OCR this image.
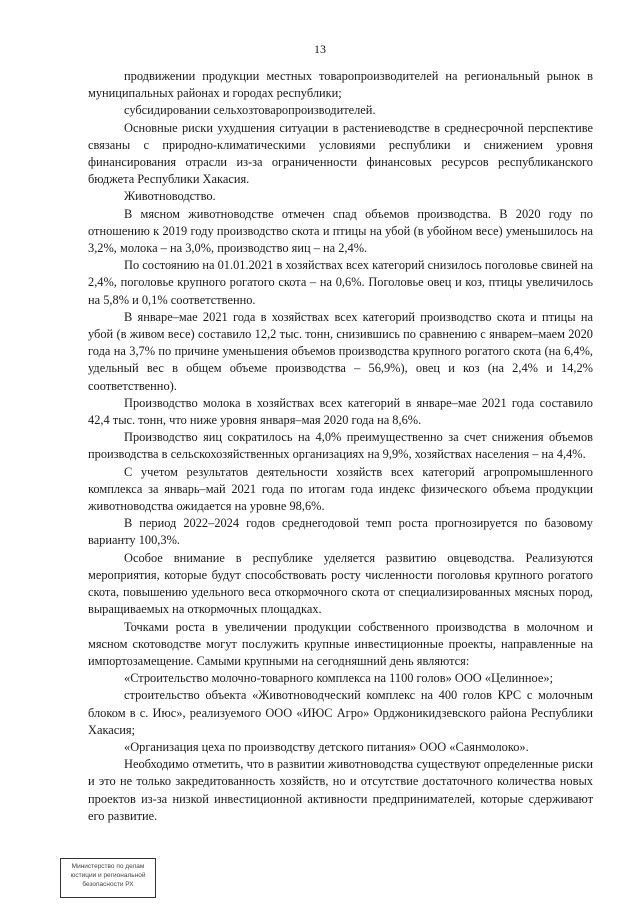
13

продвижении продукции местных товаропроизводителей на региональный рынок в муниципальных районах и городах республики;

субсидировании сельхозтоваропроизводителей.

Основные риски ухудшения ситуации в растениеводстве в среднесрочной перспективе связаны с природно-климатическими условиями республики и снижением уровня финансирования отрасли из-за ограниченности финансовых ресурсов республиканского бюджета Республики Хакасия.

Животноводство.

В мясном животноводстве отмечен спад объемов производства. В 2020 году по отношению к 2019 году производство скота и птицы на убой (в убойном весе) уменьшилось на 3,2%, молока – на 3,0%, производство яиц – на 2,4%.

По состоянию на 01.01.2021 в хозяйствах всех категорий снизилось поголовье свиней на 2,4%, поголовье крупного рогатого скота – на 0,6%. Поголовье овец и коз, птицы увеличилось на 5,8% и 0,1% соответственно.

В январе–мае 2021 года в хозяйствах всех категорий производство скота и птицы на убой (в живом весе) составило 12,2 тыс. тонн, снизившись по сравнению с январем–маем 2020 года на 3,7% по причине уменьшения объемов производства крупного рогатого скота (на 6,4%, удельный вес в общем объеме производства – 56,9%), овец и коз (на 2,4% и 14,2% соответственно).

Производство молока в хозяйствах всех категорий в январе–мае 2021 года составило 42,4 тыс. тонн, что ниже уровня января–мая 2020 года на 8,6%.

Производство яиц сократилось на 4,0% преимущественно за счет снижения объемов производства в сельскохозяйственных организациях на 9,9%, хозяйствах населения – на 4,4%.

С учетом результатов деятельности хозяйств всех категорий агропромышленного комплекса за январь–май 2021 года по итогам года индекс физического объема продукции животноводства ожидается на уровне 98,6%.

В период 2022–2024 годов среднегодовой темп роста прогнозируется по базовому варианту 100,3%.

Особое внимание в республике уделяется развитию овцеводства. Реализуются мероприятия, которые будут способствовать росту численности поголовья крупного рогатого скота, повышению удельного веса откормочного скота от специализированных мясных пород, выращиваемых на откормочных площадках.

Точками роста в увеличении продукции собственного производства в молочном и мясном скотоводстве могут послужить крупные инвестиционные проекты, направленные на импортозамещение. Самыми крупными на сегодняшний день являются:

«Строительство молочно-товарного комплекса на 1100 голов» ООО «Целинное»;

строительство объекта «Животноводческий комплекс на 400 голов КРС с молочным блоком в с. Июс», реализуемого ООО «ИЮС Агро» Орджоникидзевского района Республики Хакасия;

«Организация цеха по производству детского питания» ООО «Саянмолоко».

Необходимо отметить, что в развитии животноводства существуют определенные риски и это не только закредитованность хозяйств, но и отсутствие достаточного количества новых проектов из-за низкой инвестиционной активности предпринимателей, которые сдерживают его развитие.

Министерство по делам
юстиции и региональной
безопасности РХ
